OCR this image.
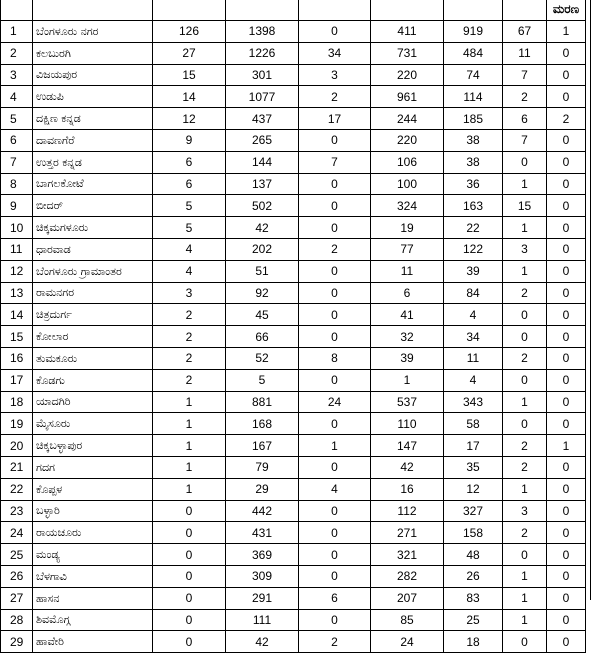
								ಮರಣ
1	ಬೆಂಗಳೂರು ನಗರ	126	1398	0	411	919	67	1
2	ಕಲಬುರಗಿ	27	1226	34	731	484	11	0
3	ವಿಜಯಪುರ	15	301	3	220	74	7	0
4	ಉಡುಪಿ	14	1077	2	961	114	2	0
5	ದಕ್ಷಿಣ ಕನ್ನಡ	12	437	17	244	185	6	2
6	ದಾವಣಗೆರೆ	9	265	0	220	38	7	0
7	ಉತ್ತರ ಕನ್ನಡ	6	144	7	106	38	0	0
8	ಬಾಗಲಕೋಟೆ	6	137	0	100	36	1	0
9	ಬೀದರ್	5	502	0	324	163	15	0
10	ಚಿಕ್ಕಮಗಳೂರು	5	42	0	19	22	1	0
11	ಧಾರವಾಡ	4	202	2	77	122	3	0
12	ಬೆಂಗಳೂರು ಗ್ರಾಮಾಂತರ	4	51	0	11	39	1	0
13	ರಾಮನಗರ	3	92	0	6	84	2	0
14	ಚಿತ್ರದುರ್ಗ	2	45	0	41	4	0	0
15	ಕೋಲಾರ	2	66	0	32	34	0	0
16	ತುಮಕೂರು	2	52	8	39	11	2	0
17	ಕೊಡಗು	2	5	0	1	4	0	0
18	ಯಾದಗಿರಿ	1	881	24	537	343	1	0
19	ಮೈಸೂರು	1	168	0	110	58	0	0
20	ಚಿಕ್ಕಬಳ್ಳಾಪುರ	1	167	1	147	17	2	1
21	ಗದಗ	1	79	0	42	35	2	0
22	ಕೊಪ್ಪಳ	1	29	4	16	12	1	0
23	ಬಳ್ಳಾರಿ	0	442	0	112	327	3	0
24	ರಾಯಚೂರು	0	431	0	271	158	2	0
25	ಮಂಡ್ಯ	0	369	0	321	48	0	0
26	ಬೆಳಗಾವಿ	0	309	0	282	26	1	0
27	ಹಾಸನ	0	291	6	207	83	1	0
28	ಶಿವಮೊಗ್ಗ	0	111	0	85	25	1	0
29	ಹಾವೇರಿ	0	42	2	24	18	0	0
